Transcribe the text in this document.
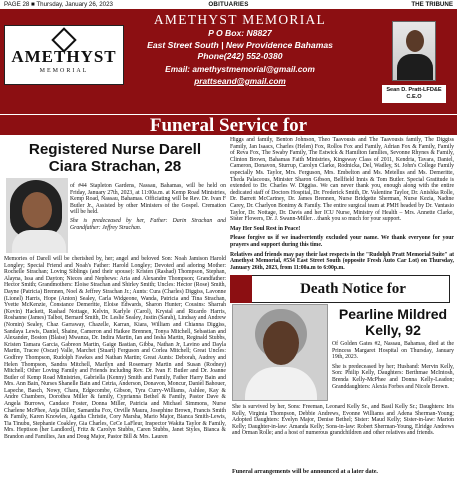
PAGE 28 ■ Thursday, January 26, 2023	OBITUARIES	THE TRIBUNE
AMETHYST
MEMORIAL
AMETHYST MEMORIAL
P O Box: N8827
East Street South | New Providence Bahamas
Phone(242) 552-0380
Email: amethystmemorial@gmail.com
prattseand@gmail.com
Sean D. Pratt-LFD&E
C.E.O
Funeral Service for
Registered Nurse Darell
Ciara Strachan, 28

of #44 Stapleton Gardens, Nassau, Bahamas, will be held on Friday, January 27th, 2023, at 11:00a.m. at Kemp Road Ministries, Kemp Road, Nassau, Bahamas. Officiating will be Rev. Dr. Ivan F Butler Jr., Assisted by other Ministers of the Gospel. Cremation will be held.

She is predeceased by her, Father: Darin Strachan and Grandfather: Jeffrey Strachan.

Memories of Darell will be cherished by, her; angel and beloved Son: Noah Jamison Harold Longley; Special Friend and Noah's Father: Harold Longley; Devoted and adoring Mother: Rochelle Strachan; Loving Siblings (and their spouse): Kristen (Rashad) Thompson, Stephan, Alayna, Issa and Dayton; Nieces and Nephews: Aria and Alexandre Thompson; Grandfather: Hector Smith; Grandmothers: Eloise Strachan and Shirley Smith; Uncles: Hector (Rose) Smith, Dayne (Patricia) Brennen, Noel & Jeffrey Strachan Jr.; Aunts: Cura (Charles) Diggiss, Lavonne (Lionel) Harris, Hope (Anton) Sealey, Carla Widgeone, Wanda, Patricia and Tina Strachan, Yvette McKenzie, Constance Demeritte, Eloise Edwards, Sharon Hunter; Cousins: Sharrah (Kevin) Hackett, Rashad Nottage, Kelvin, Karlyle (Carol), Krystal and Ricardo Harris, Roshanne (James) Talbot, Bernard Smith, Dr. Leslie Sealey, Justin (Sarah), Lindsay and Andrew (Nomin) Sealey, Chaz Garraway, Chazelle, Karran, Kiara, William and Chianna Diggiss, Sandaya Lewis, Daniel, Shaine, Cameron and Haikee Brennen, Tonya Mitchell, Sebastian and Alexander, Boston (Blaise) Mwanza, Dr. Indira Martin, Ian and Iesha Martin, Reginald Stubbs, Kristen Tamara Garcia, Gabreon Martin, Gaige Bastian, Gibba, Nathan Jr, Lavino and Dayla Martin, Tracee (Oscar) Valle, Marchet (Stuart) Ferguson and Corlea Mitchell; Great Uncles: Godfrey Thompson, Rudolph Fawkes and Nathan Martin; Great Aunts: Deborah, Audrey and Helen Thompson, Sandra Mitchell, Marilyn and Rosemary Martin and Susan (Rodney) Mitchell; Other Loving Family and Friends including Rev. Dr. Ivan F. Butler and Dr. Joanne Butler of Kemp Road Ministries, Gabriella (Kenny) Smith and Family, Father Harry Bain and Mrs. Ann Bain, Nurses Shanelle Bain and Cetria, Anderson, Donavon, Moncur, Daniel Bahouer, Lapeche, Basch, Nowy, Chara, Edgecombe, Gibson, Tyra Curry-Williams, Ashlee, Kay & Andre Chambers, Dorothea Miller & family, Cyprianna Bethel & Family, Pastor Dave & Angela Burrows, Candace Foster, Donna Miller, Patricia and Michael Simmons, Nurse Charlene McPhee, Anja Diller, Samantha Fox, Orville Maura, Josephine Brown, Francis Smith & Family, Karen Knowles, Agatha Christie, Cory Marsha, Mario Major, Bianca Smith-Lewis, Tia Tinubu, Stephanie Coakley, Gia Charles, CeCe LaFleur, Inspector Wakita Taylor & Family, Mrs. Heptison (her Landlord), Fritz & Carolyn Stubbs, Caren Stubbs, Janet Styles, Bianca & Brandon and Families, Jan and Doug Major, Pastor Bill & Mrs. Lauren

Higgs and family, Benton Johnson, Theo Taavousis and The Taavousis family, The Diggiss Family, Jan Isaacs, Charles (Helen) Fox, Rollos Fox and Family, Adrian Fox & Family, Family of Reva Fox, The Swaby Family, The Estwick & Hamilton families, Sevonne Rhynes & Family, Clinton Brown, Bahamas Faith Ministries, Kingsway Class of 2011, Kendria, Tavara, Daniel, Cameron, Donavon, Sturrup, Carolyn Clarke, Rodnicka, Del, Wadley, St. John's College Family especially Ms. Taylor, Mrs. Ferguson, Mrs. Embelton and Ms. Metellus and Ms. Demeritte, Theda Palaceous, Minister Sharon Gibson, Bellfield Innis & Tom Butler. Special Gratitude is extended to Dr. Charles W. Diggiss. We can never thank you, enough along with the entire dedicated staff of Doctors Hospital, Dr. Frederick Smith, Dr. Valentine Taylor, Dr. Anishka Rolle, Dr. Barrett McCartney, Dr. James Brennen, Nurse Bridgette Sherman, Nurse Kezia, Nadine Carey, Dr. Charlyon Bonimy & Family. The entire surgical team at PMH headed by Dr. Vantasio Taylor, Dr. Nottage, Dr. Davis and her ICU Nurse, Ministry of Health – Mrs. Annette Clarke, Sister Flowers, Dr. J. Swann-Miller…thank you so much for your support.

May Her Soul Rest in Peace!

Please forgive us if we inadvertently excluded your name. We thank everyone for your prayers and support during this time.

Relatives and friends may pay their last respects in the "Rudolph Pratt Memorial Suite" at Amethyst Memorial, #534 East Street South (opposite Fresh Auto Car Lot) on Thursday, January 26th, 2023, from 11:00a.m to 6:00p.m.

Death Notice for
Pearline Mildred
Kelly, 92

Of Golden Gates #2, Nassau, Bahamas, died at the Princess Margaret Hospital on Thursday, January 19th, 2023.

She is predeceased by her; Husband: Mervin Kelly, Son: Philip Kelly, Daughters: Berthmae McIntosh, Brenda Kelly-McPhee and Donna Kelly-Leadon; Granddaughters: Alexia Forbes and Nicole Brown.

She is survived by her, Sons: Freeman, Leonard Kelly Sr., and Basil Kelly Sr.; Daughters: Iris Kelly, Virginia Thompson, Debbie Andrews, Evonne Williams and Adena Sherman-Young; Adopted Daughters: Evelyn Major, Denise Bethel; Sister: Maud Kelly; Sister-in-law: Marion Kelly; Daughter-in-law: Amanda Kelly; Sons-in-law: Robert Sherman-Young, Elridge Andrews and Orman Rolle; and a host of numerous grandchildren and other relatives and friends.

Funeral arrangements will be announced at a later date.
